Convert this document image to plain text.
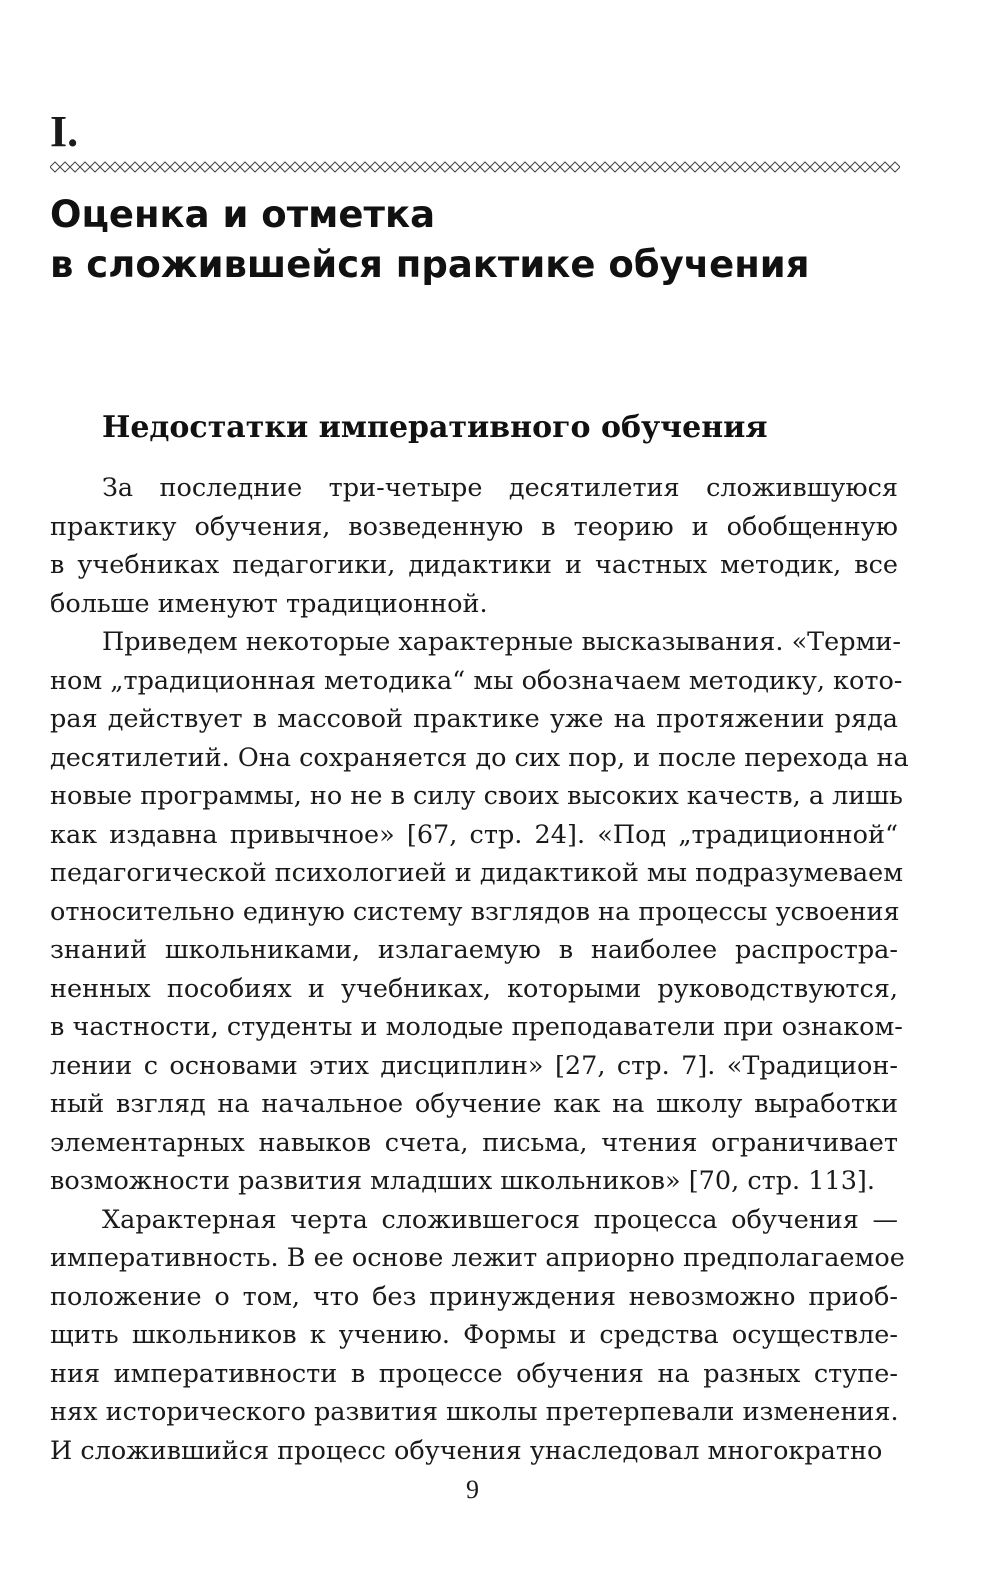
I.
Оценка и отметка
в сложившейся практике обучения
Недостатки императивного обучения
За последние три-четыре десятилетия сложившуюся
практику обучения, возведенную в теорию и обобщенную
в учебниках педагогики, дидактики и частных методик, все
больше именуют традиционной.
Приведем некоторые характерные высказывания. «Терми-
ном „традиционная методика“ мы обозначаем методику, кото-
рая действует в массовой практике уже на протяжении ряда
десятилетий. Она сохраняется до сих пор, и после перехода на
новые программы, но не в силу своих высоких качеств, а лишь
как издавна привычное» [67, стр. 24]. «Под „традиционной“
педагогической психологией и дидактикой мы подразумеваем
относительно единую систему взглядов на процессы усвоения
знаний школьниками, излагаемую в наиболее распростра-
ненных пособиях и учебниках, которыми руководствуются,
в частности, студенты и молодые преподаватели при ознаком-
лении с основами этих дисциплин» [27, стр. 7]. «Традицион-
ный взгляд на начальное обучение как на школу выработки
элементарных навыков счета, письма, чтения ограничивает
возможности развития младших школьников» [70, стр. 113].
Характерная черта сложившегося процесса обучения —
императивность. В ее основе лежит априорно предполагаемое
положение о том, что без принуждения невозможно приоб-
щить школьников к учению. Формы и средства осуществле-
ния императивности в процессе обучения на разных ступе-
нях исторического развития школы претерпевали изменения.
И сложившийся процесс обучения унаследовал многократно
9
